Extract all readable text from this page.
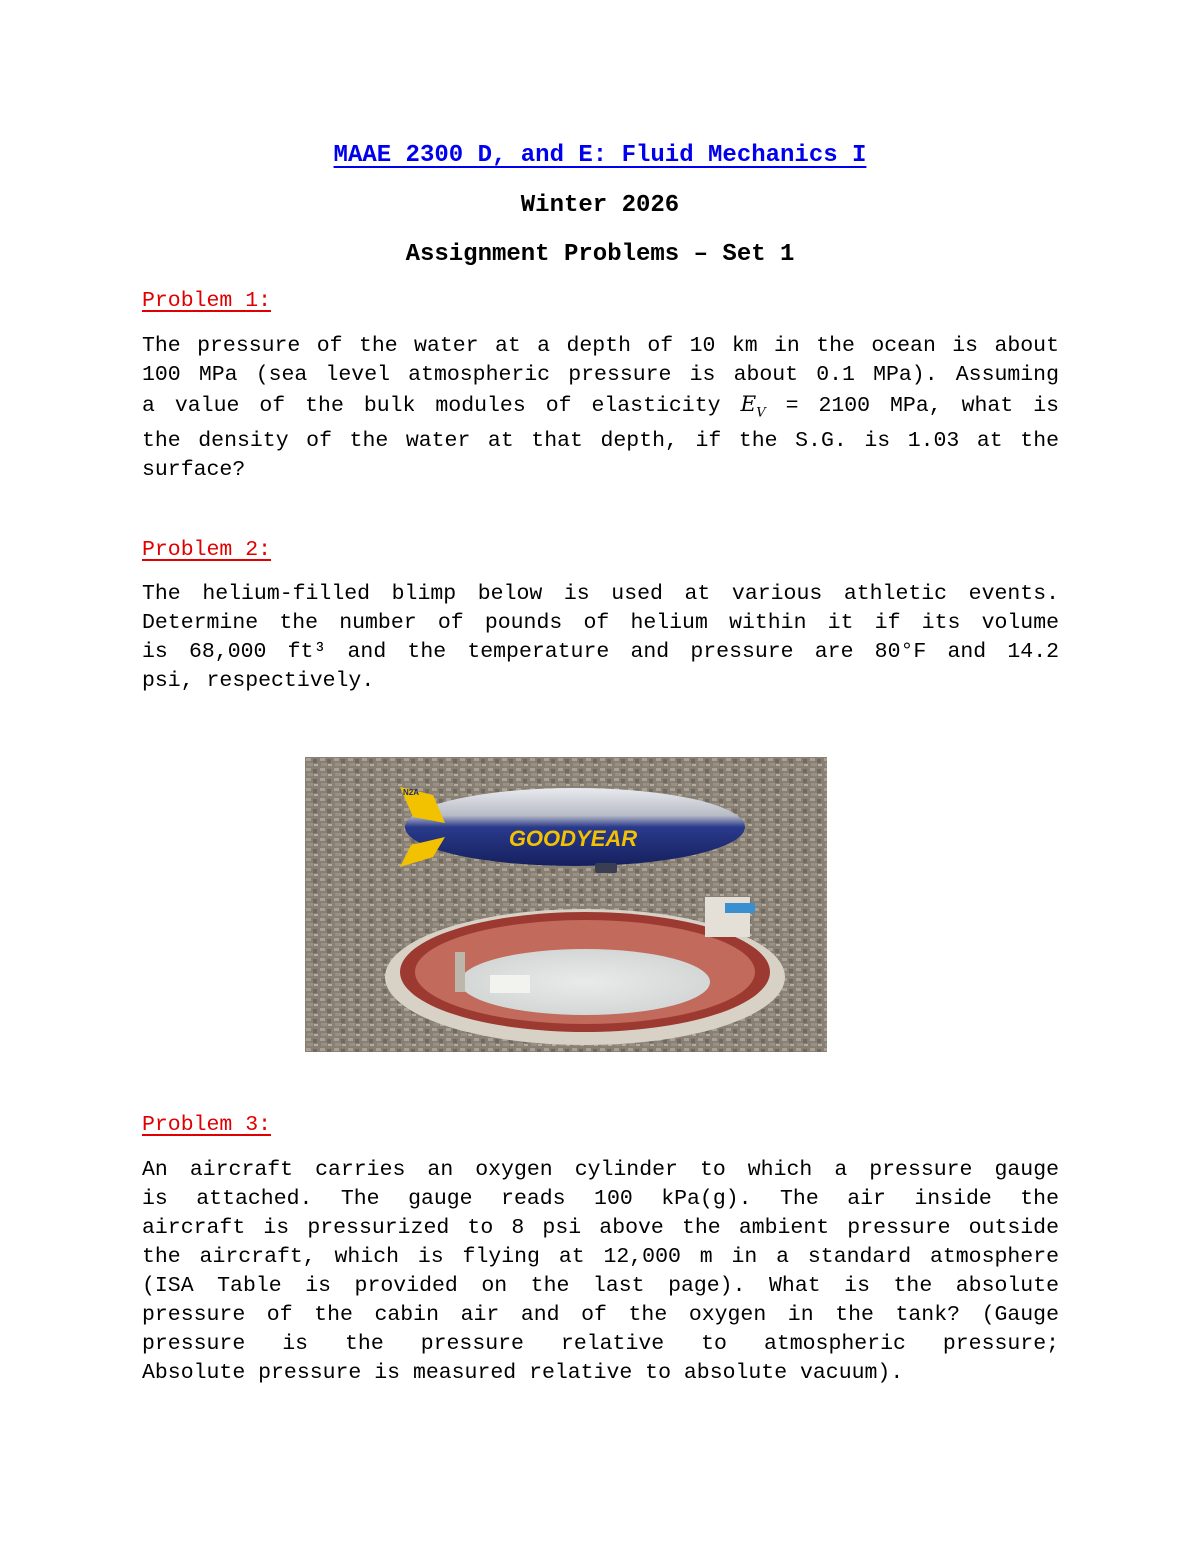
MAAE 2300 D, and E: Fluid Mechanics I
Winter 2026
Assignment Problems – Set 1
Problem 1:
The pressure of the water at a depth of 10 km in the ocean is about
100 MPa (sea level atmospheric pressure is about 0.1 MPa). Assuming
a value of the bulk modules of elasticity $E_V = 2100$ MPa, what is
the density of the water at that depth, if the S.G. is 1.03 at the
surface?
Problem 2:
The helium-filled blimp below is used at various athletic events.
Determine the number of pounds of helium within it if its volume
is 68,000 ft³ and the temperature and pressure are 80°F and 14.2
psi, respectively.
N2A
GOODYEAR
Problem 3:
An aircraft carries an oxygen cylinder to which a pressure gauge
is attached. The gauge reads 100 kPa(g). The air inside the
aircraft is pressurized to 8 psi above the ambient pressure outside
the aircraft, which is flying at 12,000 m in a standard atmosphere
(ISA Table is provided on the last page). What is the absolute
pressure of the cabin air and of the oxygen in the tank? (Gauge
pressure is the pressure relative to atmospheric pressure;
Absolute pressure is measured relative to absolute vacuum).
